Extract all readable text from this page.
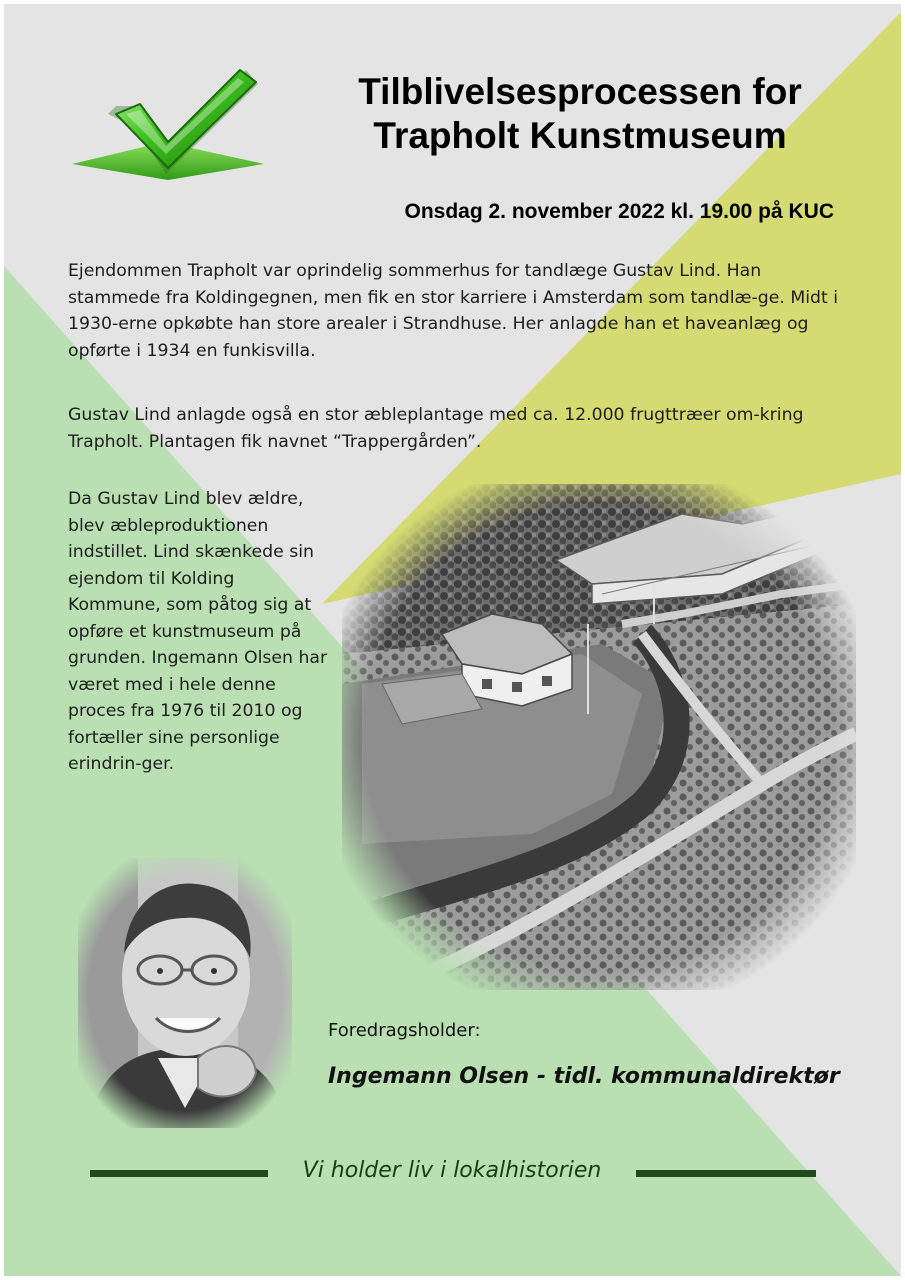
Tilblivelsesprocessen for
Trapholt Kunstmuseum
Onsdag 2. november 2022 kl. 19.00 på KUC

Ejendommen Trapholt var oprindelig sommerhus for tandlæge Gustav Lind. Han stammede fra Koldingegnen, men fik en stor karriere i Amsterdam som tandlæ-ge. Midt i 1930-erne opkøbte han store arealer i Strandhuse. Her anlagde han et haveanlæg og opførte i 1934 en funkisvilla.

Gustav Lind anlagde også en stor æbleplantage med ca. 12.000 frugttræer om-kring Trapholt. Plantagen fik navnet “Trappergården”.

Da Gustav Lind blev ældre, blev æbleproduktionen indstillet. Lind skænkede sin ejendom til Kolding Kommune, som påtog sig at opføre et kunstmuseum på grunden. Ingemann Olsen har været med i hele denne proces fra 1976 til 2010 og fortæller sine personlige erindrin-ger.

Foredragsholder:
Ingemann Olsen - tidl. kommunaldirektør
Vi holder liv i lokalhistorien
